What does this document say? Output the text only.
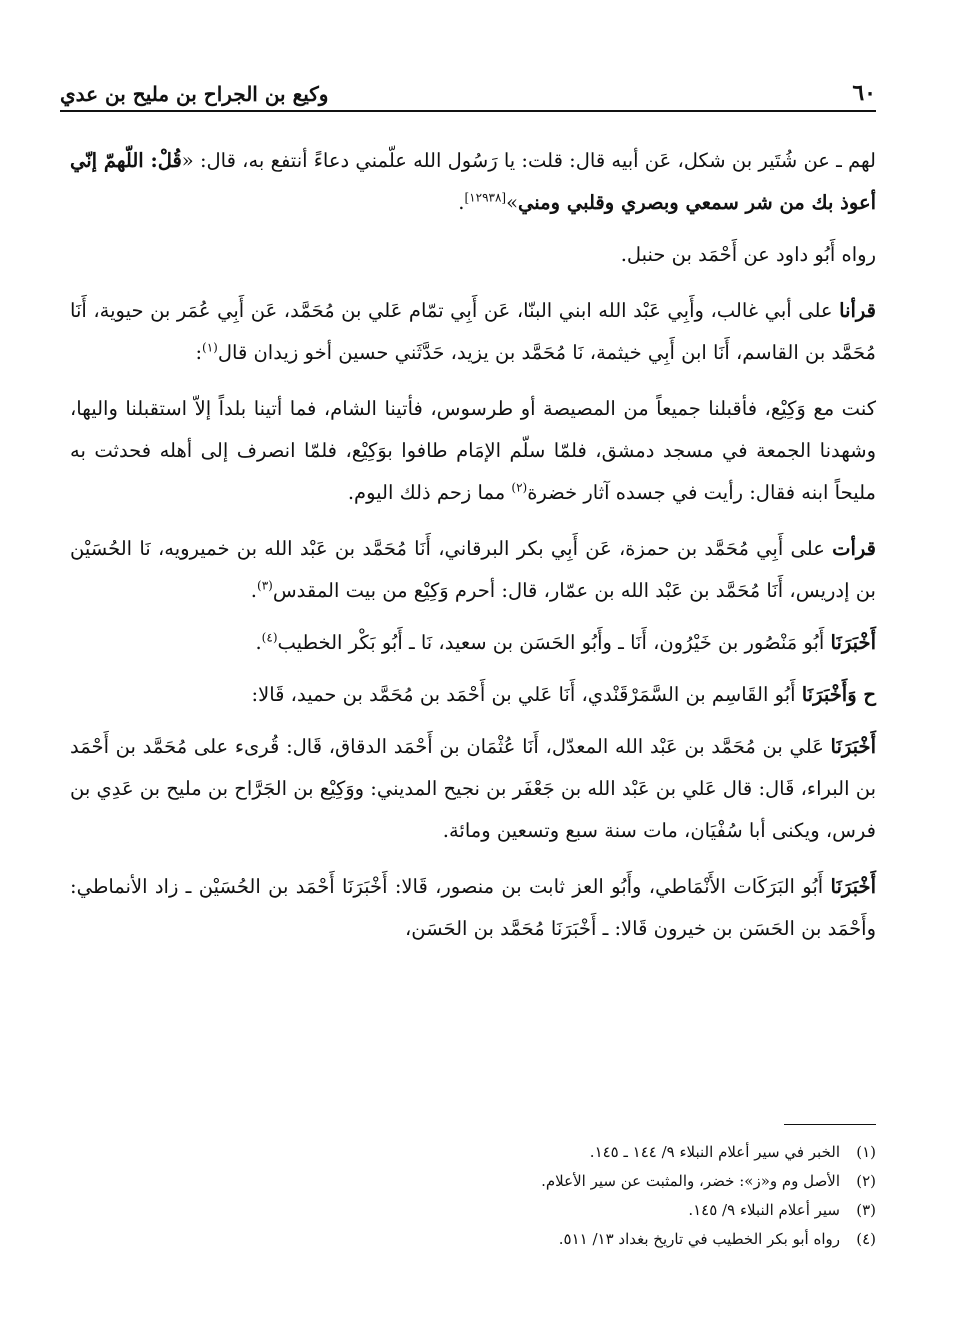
٦٠
وكيع بن الجراح بن مليح بن عدي

لهم ـ عن شُتَير بن شكل، عَن أبيه قال: قلت: يا رَسُول الله علّمني دعاءً أنتفع به، قال: «قُلْ: اللّهمّ إنّي أعوذ بك من شر سمعي وبصري وقلبي ومني»[١٢٩٣٨].

رواه أَبُو داود عن أَحْمَد بن حنبل.

قرأنا على أبي غالب، وأَبِي عَبْد الله ابني البنّا، عَن أَبِي تمّام عَلي بن مُحَمَّد، عَن أَبِي عُمَر بن حيوية، أَنَا مُحَمَّد بن القاسم، أَنَا ابن أَبِي خيثمة، نَا مُحَمَّد بن يزيد، حَدَّثَني حسين أخو زيدان قال$^{(١)}$:

كنت مع وَكِيْع، فأقبلنا جميعاً من المصيصة أو طرسوس، فأتينا الشام، فما أتينا بلداً إلاّ استقبلنا واليها، وشهدنا الجمعة في مسجد دمشق، فلمّا سلّم الإمَام طافوا بوَكِيْع، فلمّا انصرف إلى أهله فحدثت به مليحاً ابنه فقال: رأيت في جسده آثار خضرة$^{(٢)}$ مما زحم ذلك اليوم.

قرأت على أَبِي مُحَمَّد بن حمزة، عَن أَبِي بكر البرقاني، أَنَا مُحَمَّد بن عَبْد الله بن خميرويه، نَا الحُسَيْن بن إدريس، أَنَا مُحَمَّد بن عَبْد الله بن عمّار، قال: أحرم وَكِيْع من بيت المقدس$^{(٣)}$.

أَخْبَرَنَا أَبُو مَنْصُور بن خَيْرُون، أَنَا ـ وأَبُو الحَسَن بن سعيد، نَا ـ أَبُو بَكْر الخطيب$^{(٤)}$.

ح وَأَخْبَرَنَا أَبُو القَاسِم بن السَّمَرْقَنْدي، أَنَا عَلي بن أَحْمَد بن مُحَمَّد بن حميد، قَالا:

أَخْبَرَنَا عَلي بن مُحَمَّد بن عَبْد الله المعدّل، أَنَا عُثْمَان بن أَحْمَد الدقاق، قَال: قُرىء على مُحَمَّد بن أَحْمَد بن البراء، قَال: قال عَلي بن عَبْد الله بن جَعْفَر بن نجيح المديني: ووَكِيْع بن الجَرَّاح بن مليح بن عَدِي بن فرس، ويكنى أبا سُفْيَان، مات سنة سبع وتسعين ومائة.

أَخْبَرَنَا أَبُو البَرَكَات الأَنْمَاطي، وأَبُو العز ثابت بن منصور، قَالا: أَخْبَرَنَا أَحْمَد بن الحُسَيْن ـ زاد الأنماطي: وأَحْمَد بن الحَسَن بن خيرون قَالا: ـ أَخْبَرَنَا مُحَمَّد بن الحَسَن،

(١)
الخبر في سير أعلام النبلاء ٩/ ١٤٤ ـ ١٤٥.
(٢)
الأصل وم و«ز»: خضر، والمثبت عن سير الأعلام.
(٣)
سير أعلام النبلاء ٩/ ١٤٥.
(٤)
رواه أبو بكر الخطيب في تاريخ بغداد ١٣/ ٥١١.
